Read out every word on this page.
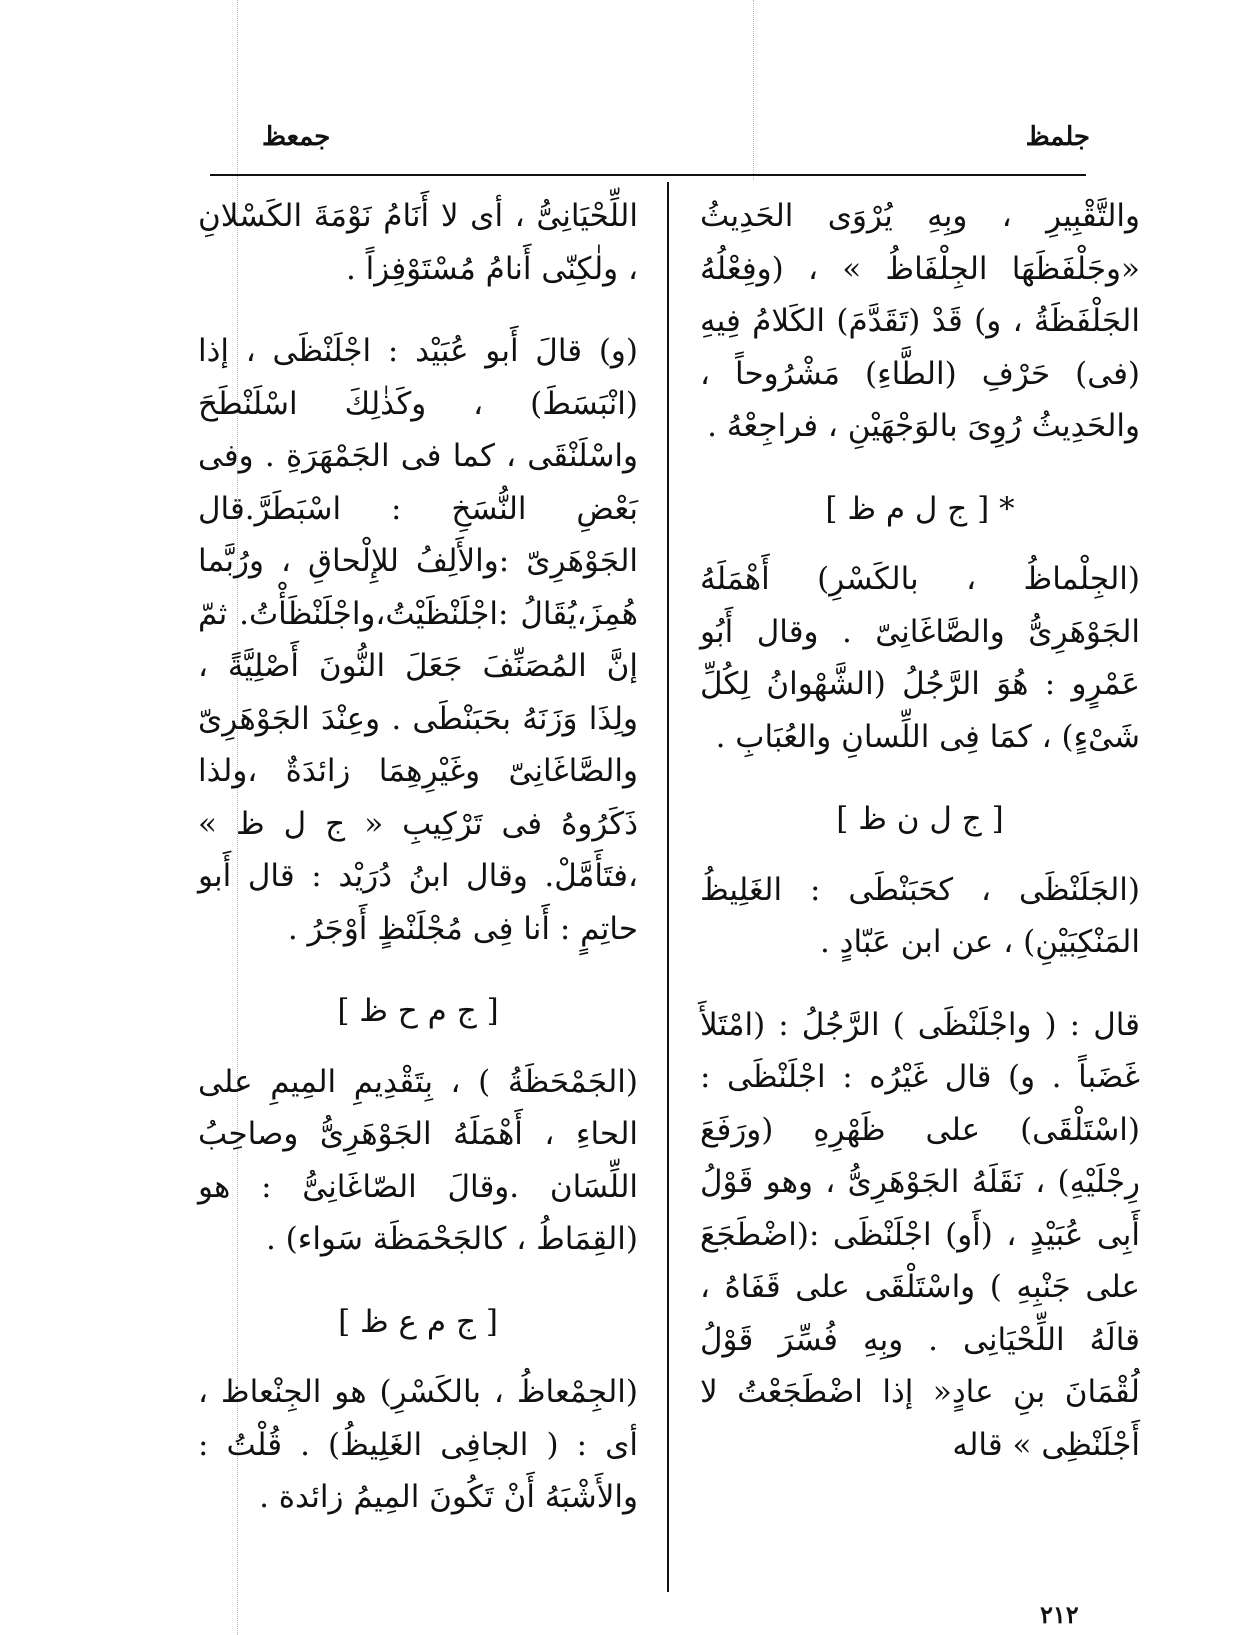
جلمظ
جمعظ

والتَّقْبِيرِ ، وبِهِ يُرْوَى الحَدِيثُ «وجَلْفَظَهَا الجِلْفَاظُ » ، (وفِعْلُهُ الجَلْفَظَةُ ، و) قَدْ (تَقَدَّمَ) الكَلامُ فِيهِ (فى) حَرْفِ (الطَّاءِ) مَشْرُوحاً ، والحَدِيثُ رُوِىَ بالوَجْهَيْنِ ، فراجِعْهُ .

* [ ج ل م ظ ]

(الجِلْماظُ ، بالكَسْرِ) أَهْمَلَهُ الجَوْهَرِىُّ والصَّاغَانِىّ . وقال أَبُو عَمْرٍو : هُوَ الرَّجُلُ (الشَّهْوانُ لِكُلِّ شَىْءٍ) ، كمَا فِى اللِّسانِ والعُبَابِ .

[ ج ل ن ظ ]

(الجَلَنْظَى ، كحَبَنْطَى : الغَلِيظُ المَنْكِبَيْنِ) ، عن ابن عَبّادٍ .

قال : ( واجْلَنْظَى ) الرَّجُلُ : (امْتَلأَ غَضَباً . و) قال غَيْرُه : اجْلَنْظَى : (اسْتَلْقَى) على ظَهْرِهِ (ورَفَعَ رِجْلَيْهِ) ، نَقَلَهُ الجَوْهَرِىُّ ، وهو قَوْلُ أَبِى عُبَيْدٍ ، (أَو) اجْلَنْظَى :(اضْطَجَعَ على جَنْبِهِ ) واسْتَلْقَى على قَفَاهُ ، قالَهُ اللِّحْيَانِى . وبِهِ فُسِّرَ قَوْلُ لُقْمَانَ بنِ عادٍ« إذا اضْطَجَعْتُ لا أَجْلَنْظِى » قاله

اللِّحْيَانِىُّ ، أى لا أَنَامُ نَوْمَةَ الكَسْلانِ ، ولٰكِنّى أَنامُ مُسْتَوْفِزاً .

(و) قالَ أَبو عُبَيْد : اجْلَنْظَى ، إذا (انْبَسَطَ) ، وكَذٰلِكَ اسْلَنْطَحَ واسْلَنْقَى ، كما فى الجَمْهَرَةِ . وفى بَعْضِ النُّسَخِ : اسْبَطَرَّ.قال الجَوْهَرِىّ :والأَلِفُ للإِلْحاقِ ، ورُبَّما هُمِزَ،يُقَالُ :اجْلَنْظَيْتُ،واجْلَنْظَأْتُ. ثمّ إنَّ المُصَنِّفَ جَعَلَ النُّونَ أَصْلِيَّةً ، ولِذَا وَزَنَهُ بحَبَنْطَى . وعِنْدَ الجَوْهَرِىّ والصَّاغَانِىّ وغَيْرِهِمَا زائدَةٌ ،ولذا ذَكَرُوهُ فى تَرْكِيبِ « ج ل ظ » ،فتَأَمَّلْ. وقال ابنُ دُرَيْد : قال أَبو حاتِمٍ : أَنا فِى مُجْلَنْظٍ أَوْجَرُ .

[ ج م ح ظ ]

(الجَمْحَظَةُ ) ، بِتَقْدِيمِ المِيمِ على الحاءِ ، أَهْمَلَهُ الجَوْهَرِىُّ وصاحِبُ اللِّسَان .وقالَ الصّاغَانِىُّ : هو (القِمَاطُ ، كالجَحْمَظَة سَواء) .

[ ج م ع ظ ]

(الجِمْعاظُ ، بالكَسْرِ) هو الجِنْعاظ ، أى : ( الجافِى الغَلِيظُ) . قُلْتُ : والأَشْبَهُ أَنْ تَكُونَ المِيمُ زائدة .

٢١٢
